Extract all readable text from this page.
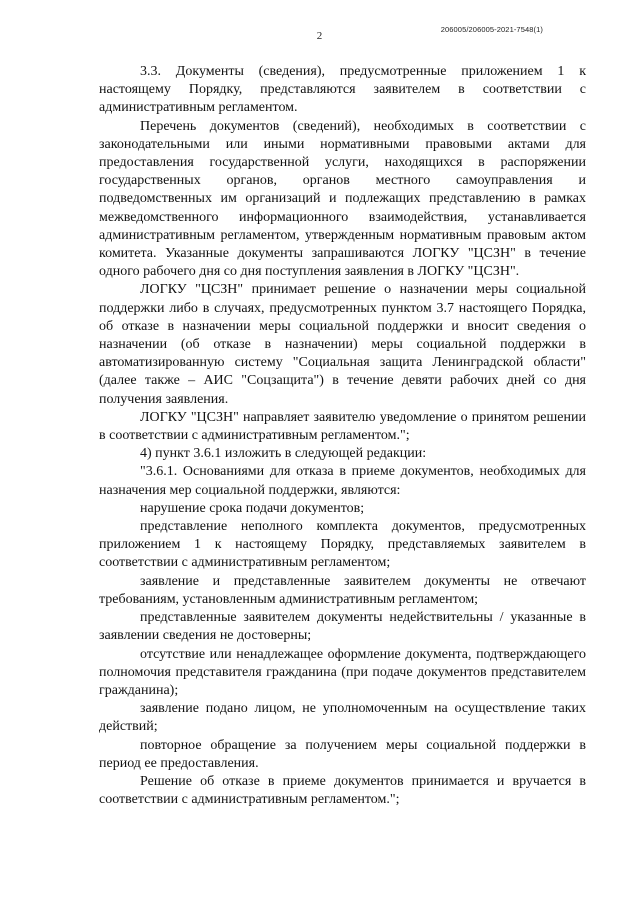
206005/206005-2021-7548(1)
2

3.3. Документы (сведения), предусмотренные приложением 1 к настоящему Порядку, представляются заявителем в соответствии с административным регламентом.

Перечень документов (сведений), необходимых в соответствии с законодательными или иными нормативными правовыми актами для предоставления государственной услуги, находящихся в распоряжении государственных органов, органов местного самоуправления и подведомственных им организаций и подлежащих представлению в рамках межведомственного информационного взаимодействия, устанавливается административным регламентом, утвержденным нормативным правовым актом комитета. Указанные документы запрашиваются ЛОГКУ "ЦСЗН" в течение одного рабочего дня со дня поступления заявления в ЛОГКУ "ЦСЗН".

ЛОГКУ "ЦСЗН" принимает решение о назначении меры социальной поддержки либо в случаях, предусмотренных пунктом 3.7 настоящего Порядка, об отказе в назначении меры социальной поддержки и вносит сведения о назначении (об отказе в назначении) меры социальной поддержки в автоматизированную систему "Социальная защита Ленинградской области" (далее также – АИС "Соцзащита") в течение девяти рабочих дней со дня получения заявления.

ЛОГКУ "ЦСЗН" направляет заявителю уведомление о принятом решении в соответствии с административным регламентом.";

4) пункт 3.6.1 изложить в следующей редакции:

"3.6.1. Основаниями для отказа в приеме документов, необходимых для назначения мер социальной поддержки, являются:

нарушение срока подачи документов;

представление неполного комплекта документов, предусмотренных приложением 1 к настоящему Порядку, представляемых заявителем в соответствии с административным регламентом;

заявление и представленные заявителем документы не отвечают требованиям, установленным административным регламентом;

представленные заявителем документы недействительны / указанные в заявлении сведения не достоверны;

отсутствие или ненадлежащее оформление документа, подтверждающего полномочия представителя гражданина (при подаче документов представителем гражданина);

заявление подано лицом, не уполномоченным на осуществление таких действий;

повторное обращение за получением меры социальной поддержки в период ее предоставления.

Решение об отказе в приеме документов принимается и вручается в соответствии с административным регламентом.";
